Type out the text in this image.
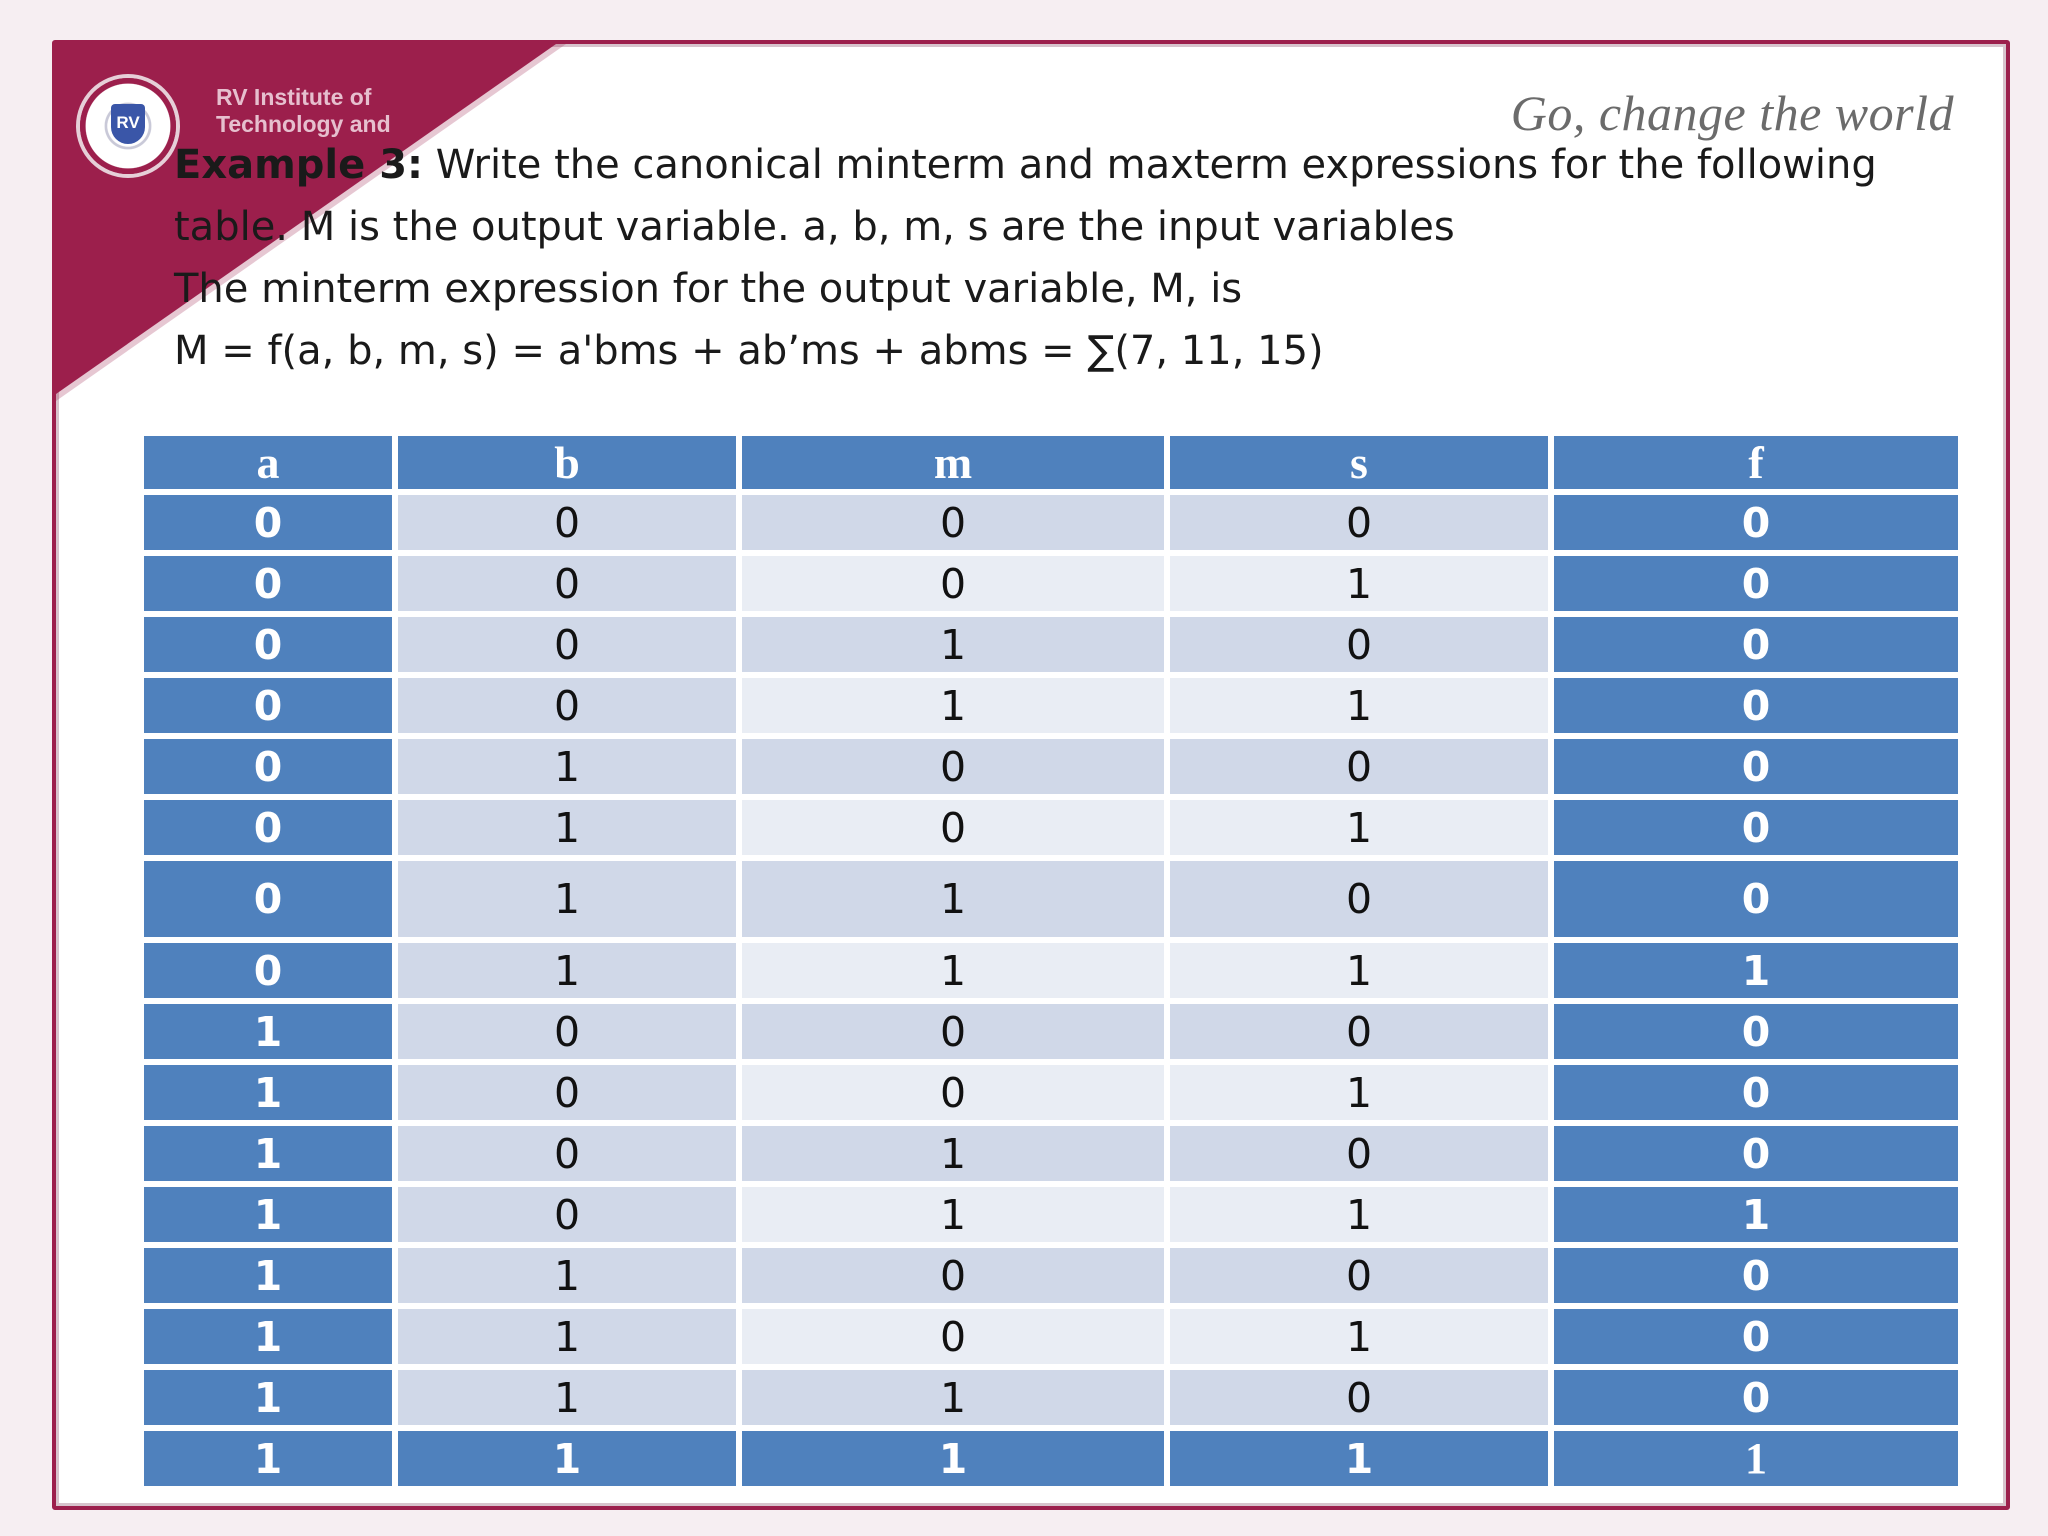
RV
RV Institute of
Technology and	Go, change the world
Example 3: Write the canonical minterm and maxterm expressions for the following
table. M is the output variable. a, b, m, s are the input variables
The minterm expression for the output variable, M, is
M = f(a, b, m, s) = a'bms + ab’ms + abms = ∑(7, 11, 15)
a	b	m	s	f
0	0	0	0	0
0	0	0	1	0
0	0	1	0	0
0	0	1	1	0
0	1	0	0	0
0	1	0	1	0
0	1	1	0	0
0	1	1	1	1
1	0	0	0	0
1	0	0	1	0
1	0	1	0	0
1	0	1	1	1
1	1	0	0	0
1	1	0	1	0
1	1	1	0	0
1	1	1	1	1
